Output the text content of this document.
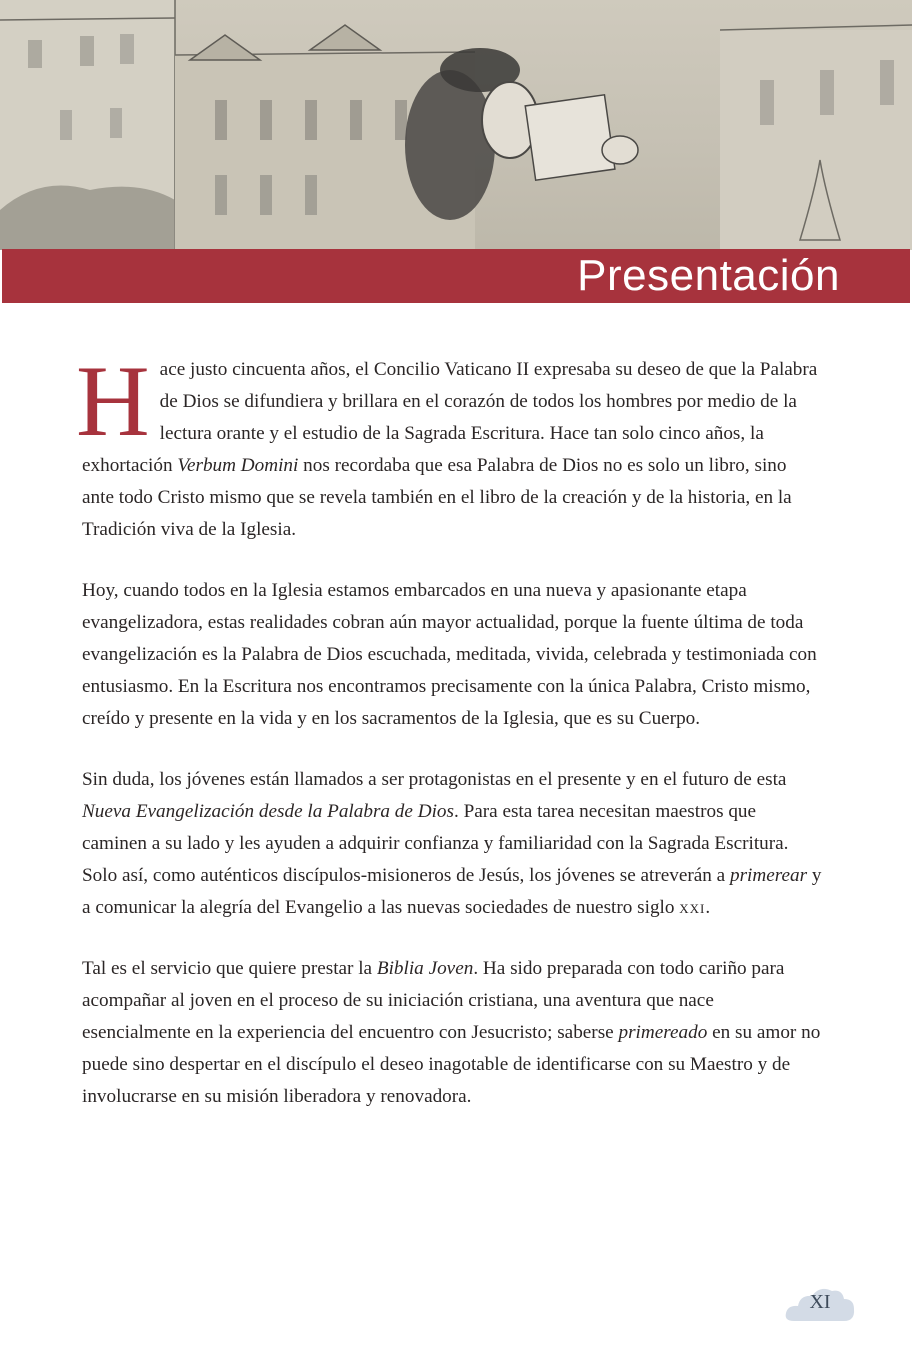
Presentación

Hace justo cincuenta años, el Concilio Vaticano II expresaba su deseo de que la Palabra de Dios se difundiera y brillara en el corazón de todos los hombres por medio de la lectura orante y el estudio de la Sagrada Escritura. Hace tan solo cinco años, la exhortación Verbum Domini nos recordaba que esa Palabra de Dios no es solo un libro, sino ante todo Cristo mismo que se revela también en el libro de la creación y de la historia, en la Tradición viva de la Iglesia.

Hoy, cuando todos en la Iglesia estamos embarcados en una nueva y apasionante etapa evangelizadora, estas realidades cobran aún mayor actualidad, porque la fuente última de toda evangelización es la Palabra de Dios escuchada, meditada, vivida, celebrada y testimoniada con entusiasmo. En la Escritura nos encontramos precisamente con la única Palabra, Cristo mismo, creído y presente en la vida y en los sacramentos de la Iglesia, que es su Cuerpo.

Sin duda, los jóvenes están llamados a ser protagonistas en el presente y en el futuro de esta Nueva Evangelización desde la Palabra de Dios. Para esta tarea necesitan maestros que caminen a su lado y les ayuden a adquirir confianza y familiaridad con la Sagrada Escritura. Solo así, como auténticos discípulos-misioneros de Jesús, los jóvenes se atreverán a primerear y a comunicar la alegría del Evangelio a las nuevas sociedades de nuestro siglo xxi.

Tal es el servicio que quiere prestar la Biblia Joven. Ha sido preparada con todo cariño para acompañar al joven en el proceso de su iniciación cristiana, una aventura que nace esencialmente en la experiencia del encuentro con Jesucristo; saberse primereado en su amor no puede sino despertar en el discípulo el deseo inagotable de identificarse con su Maestro y de involucrarse en su misión liberadora y renovadora.

XI
